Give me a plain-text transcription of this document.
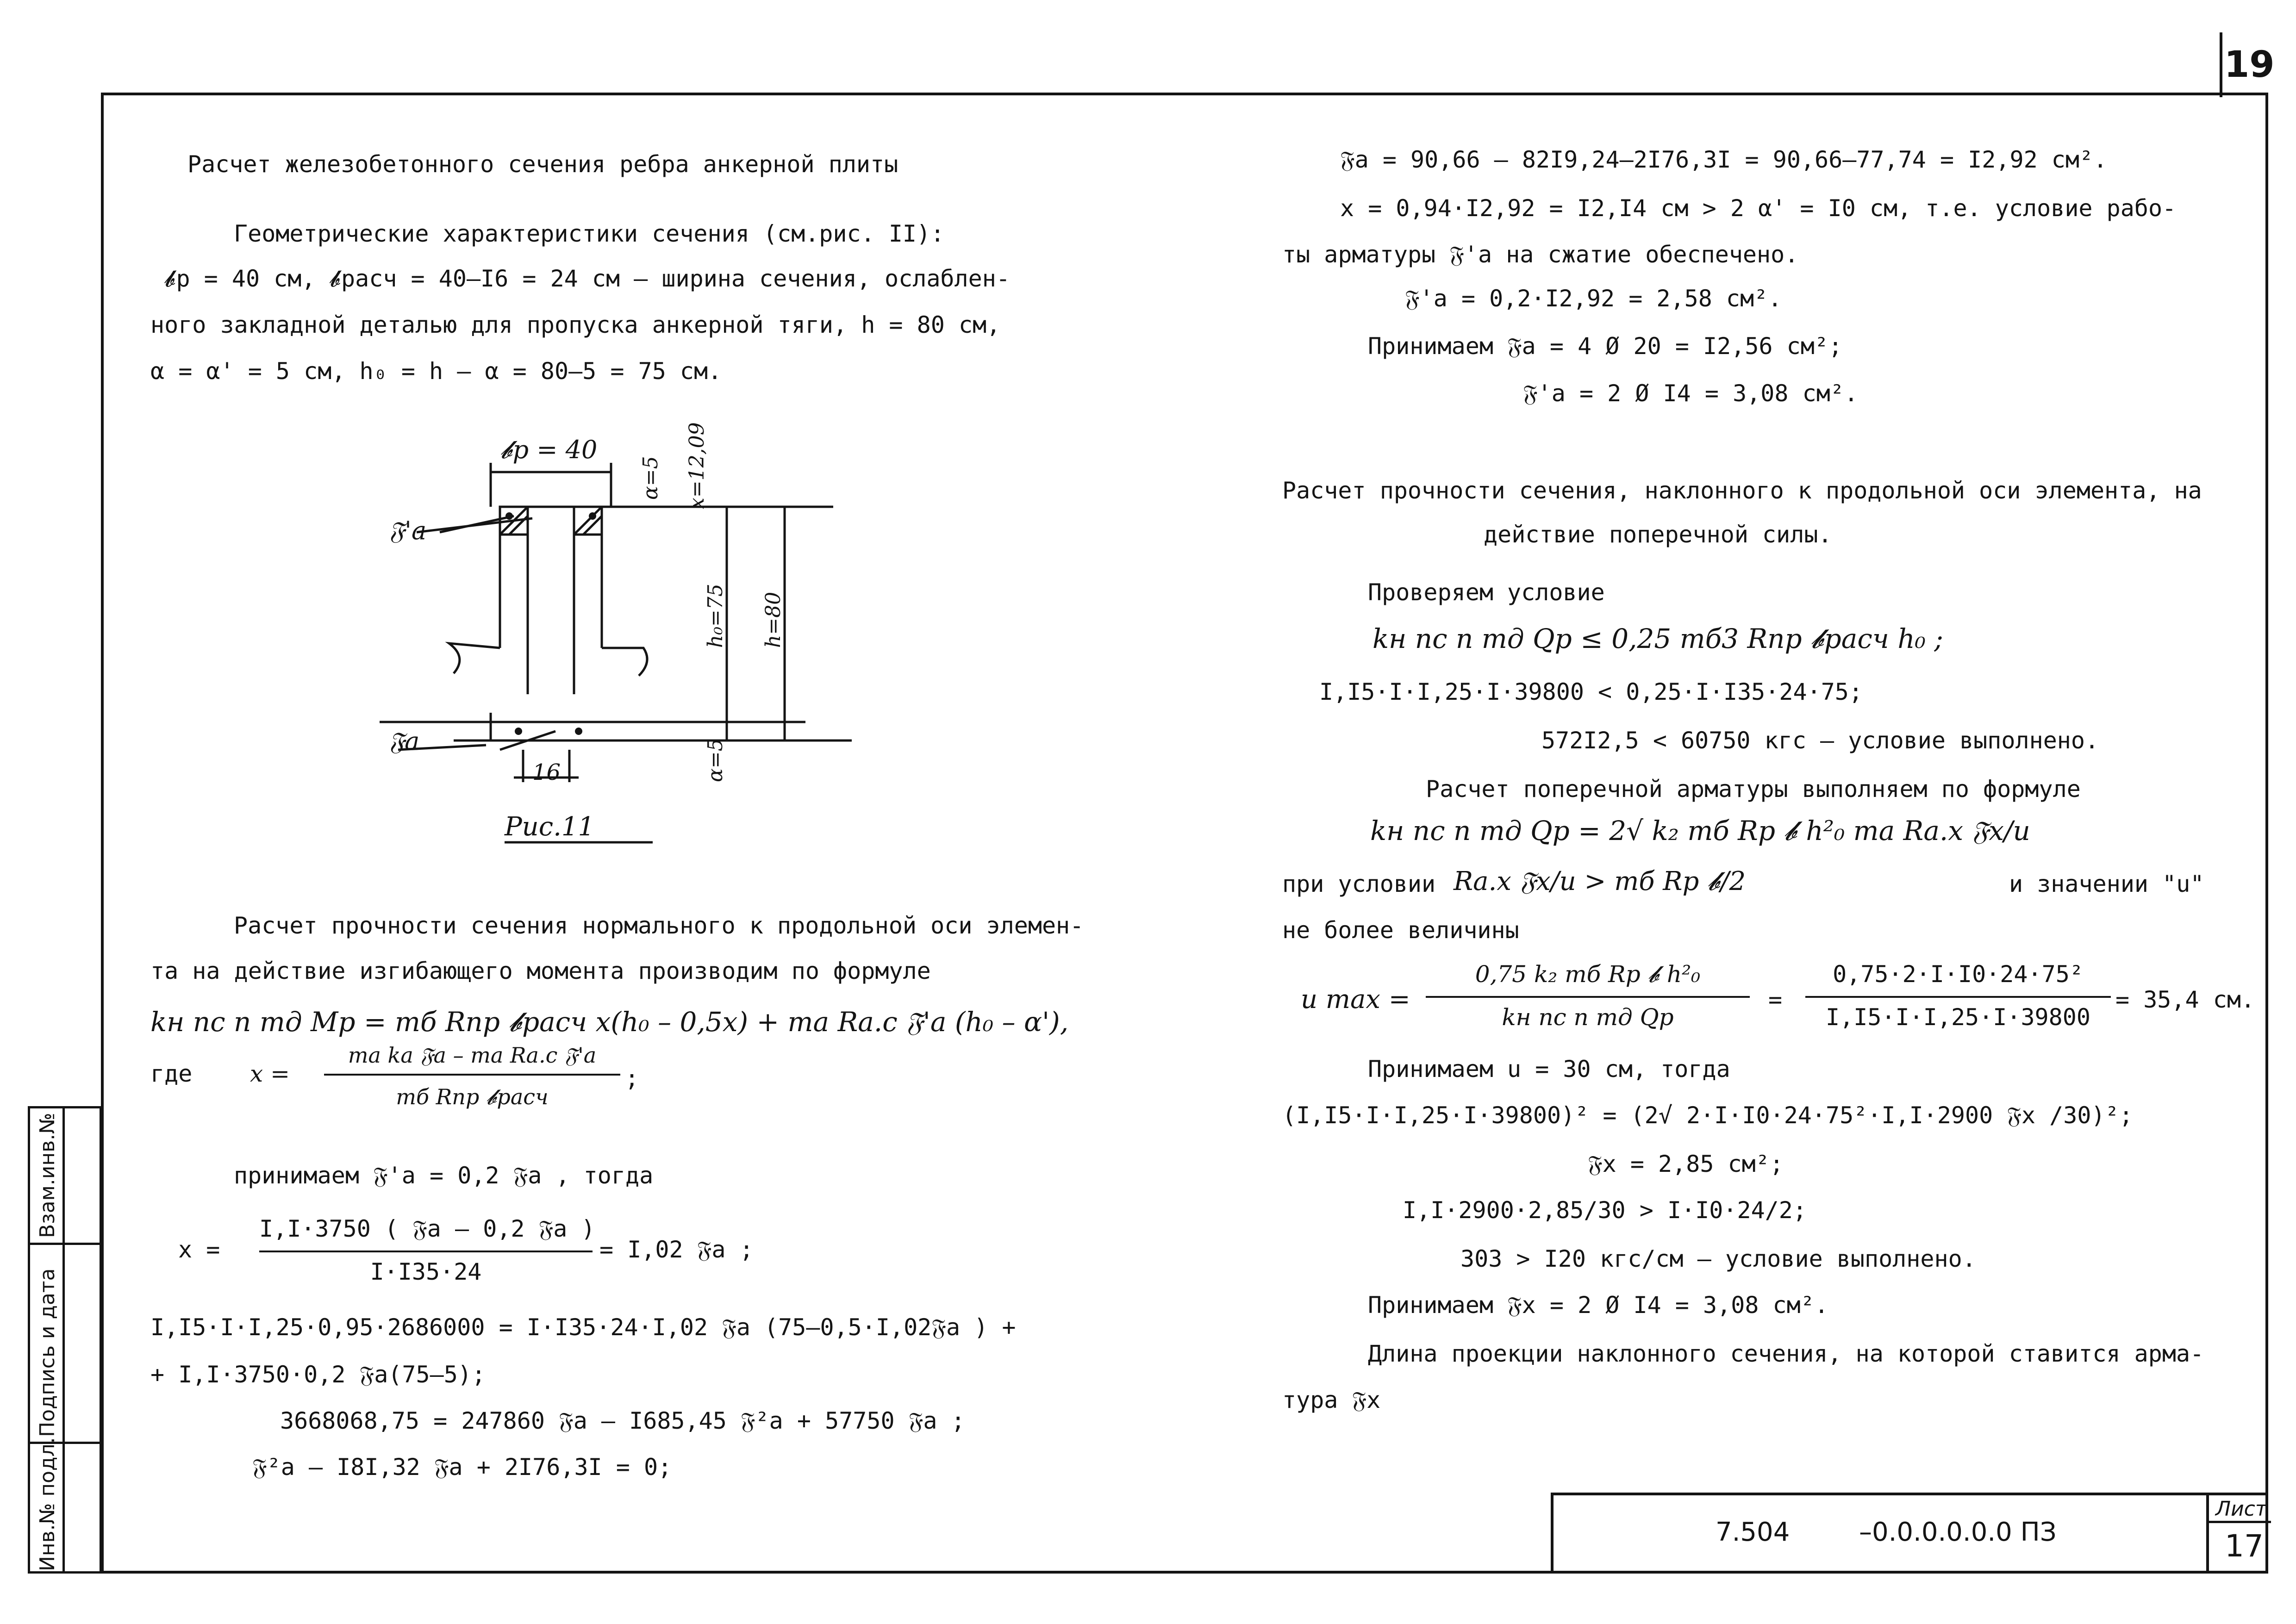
19
Расчет железобетонного сечения ребра анкерной плиты
Геометрические характеристики сечения (см.рис. II):
𝓫р = 40 см, 𝓫расч = 40–I6 = 24 см – ширина сечения, ослаблен-
ного закладной деталью для пропуска анкерной тяги, h = 80 см,
α = α' = 5 см, h₀ = h – α = 80–5 = 75 см.
𝓫р = 40
𝔉'а
𝔉а
16
Рис.11
α=5 x=12,09
h₀=75 h=80
α=5
Расчет прочности сечения нормального к продольной оси элемен-
та на действие изгибающего момента производим по формуле
kн nc n mд Mp = mб Rпр 𝓫расч x(h₀ – 0,5x) + mа Rа.с 𝔉'а (h₀ – α'),
где x =
mа kа 𝔉а – mа Rа.с 𝔉'а
mб Rпр 𝓫расч
;
принимаем 𝔉'а = 0,2 𝔉а , тогда
x =
I,I·3750 ( 𝔉а – 0,2 𝔉а )
I·I35·24
= I,02 𝔉а ;
I,I5·I·I,25·0,95·2686000 = I·I35·24·I,02 𝔉а (75–0,5·I,02𝔉а ) +
+ I,I·3750·0,2 𝔉а(75–5);
3668068,75 = 247860 𝔉а – I685,45 𝔉²а + 57750 𝔉а ;
𝔉²а – I8I,32 𝔉а + 2I76,3I = 0;
𝔉а = 90,66 – 82I9,24–2I76,3I = 90,66–77,74 = I2,92 см².
x = 0,94·I2,92 = I2,I4 см > 2 α' = I0 см, т.е. условие рабо-
ты арматуры 𝔉'а на сжатие обеспечено.
𝔉'а = 0,2·I2,92 = 2,58 см².
Принимаем 𝔉а = 4 Ø 20 = I2,56 см²;
𝔉'а = 2 Ø I4 = 3,08 см².
Расчет прочности сечения, наклонного к продольной оси элемента, на
действие поперечной силы.
Проверяем условие
kн nc n mд Qр ≤ 0,25 mб3 Rпр 𝓫расч h₀ ;
I,I5·I·I,25·I·39800 < 0,25·I·I35·24·75;
572I2,5 < 60750 кгс – условие выполнено.
Расчет поперечной арматуры выполняем по формуле
kн nc n mд Qр = 2√ k₂ mб Rр 𝓫 h²₀ mа Rа.x 𝔉x/u
при условии Rа.x 𝔉x/u > mб Rр 𝓫/2	и значении "u"
не более величины
u max =
0,75 k₂ mб Rр 𝓫 h²₀
kн nc n mд Qр
=
0,75·2·I·I0·24·75²
I,I5·I·I,25·I·39800
= 35,4 см.
Принимаем u = 30 см, тогда
(I,I5·I·I,25·I·39800)² = (2√ 2·I·I0·24·75²·I,I·2900 𝔉x /30)²;
𝔉x = 2,85 см²;
I,I·2900·2,85/30 > I·I0·24/2;
303 > I20 кгс/см – условие выполнено.
Принимаем 𝔉x = 2 Ø I4 = 3,08 см².
Длина проекции наклонного сечения, на которой ставится арма-
тура 𝔉x
7.504	–0.0.0.0.0.0 ПЗ
Лист
17
Инв.№ подл.
Подпись и дата
Взам.инв.№
